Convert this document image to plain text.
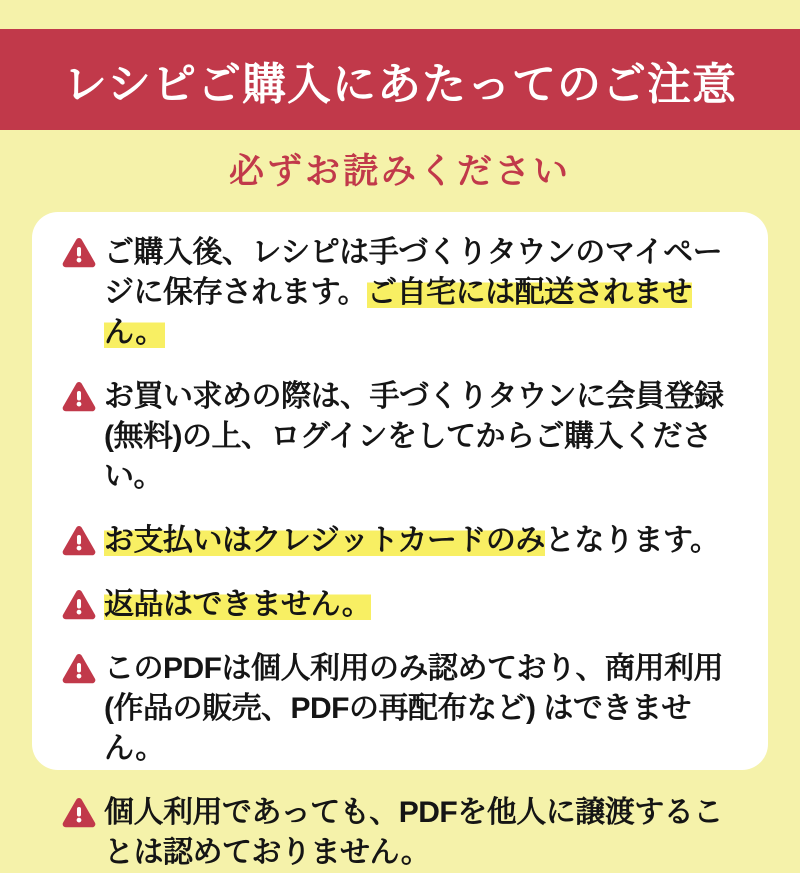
レシピご購入にあたってのご注意
必ずお読みください

ご購入後、レシピは手づくりタウンのマイページに保存されます。ご自宅には配送されません。

お買い求めの際は、手づくりタウンに会員登録(無料)の上、ログインをしてからご購入ください。

お支払いはクレジットカードのみとなります。

返品はできません。

このPDFは個人利用のみ認めており、商用利用(作品の販売、PDFの再配布など) はできません。

個人利用であっても、PDFを他人に譲渡することは認めておりません。
